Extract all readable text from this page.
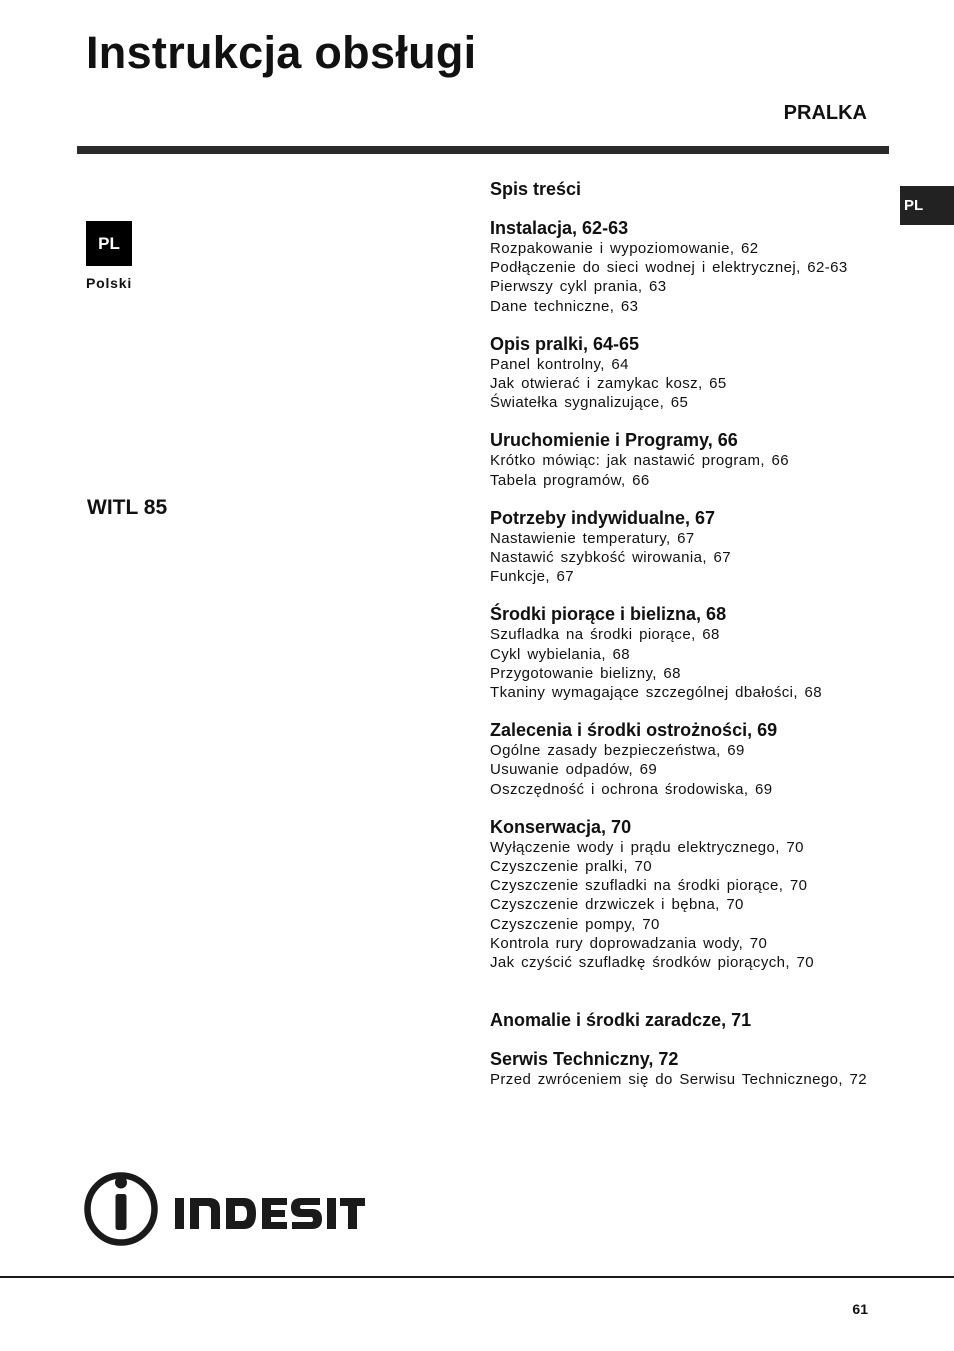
Instrukcja obsługi
PRALKA
PL
Polski
PL
WITL 85
Spis treści
Instalacja, 62-63
Rozpakowanie i wypoziomowanie, 62
Podłączenie do sieci wodnej i elektrycznej, 62-63
Pierwszy cykl prania, 63
Dane techniczne, 63
Opis pralki, 64-65
Panel kontrolny, 64
Jak otwierać i zamykac kosz, 65
Światełka sygnalizujące, 65
Uruchomienie i Programy, 66
Krótko mówiąc: jak nastawić program, 66
Tabela programów, 66
Potrzeby indywidualne, 67
Nastawienie temperatury, 67
Nastawić szybkość wirowania, 67
Funkcje, 67
Środki piorące i bielizna, 68
Szufladka na środki piorące, 68
Cykl wybielania, 68
Przygotowanie bielizny, 68
Tkaniny wymagające szczególnej dbałości, 68
Zalecenia i środki ostrożności, 69
Ogólne zasady bezpieczeństwa, 69
Usuwanie odpadów, 69
Oszczędność i ochrona środowiska, 69
Konserwacja, 70
Wyłączenie wody i prądu elektrycznego, 70
Czyszczenie pralki, 70
Czyszczenie szufladki na środki piorące, 70
Czyszczenie drzwiczek i bębna, 70
Czyszczenie pompy, 70
Kontrola rury doprowadzania wody, 70
Jak czyścić szufladkę środków piorących, 70
Anomalie i środki zaradcze, 71
Serwis Techniczny, 72
Przed zwróceniem się do Serwisu Technicznego, 72
61
